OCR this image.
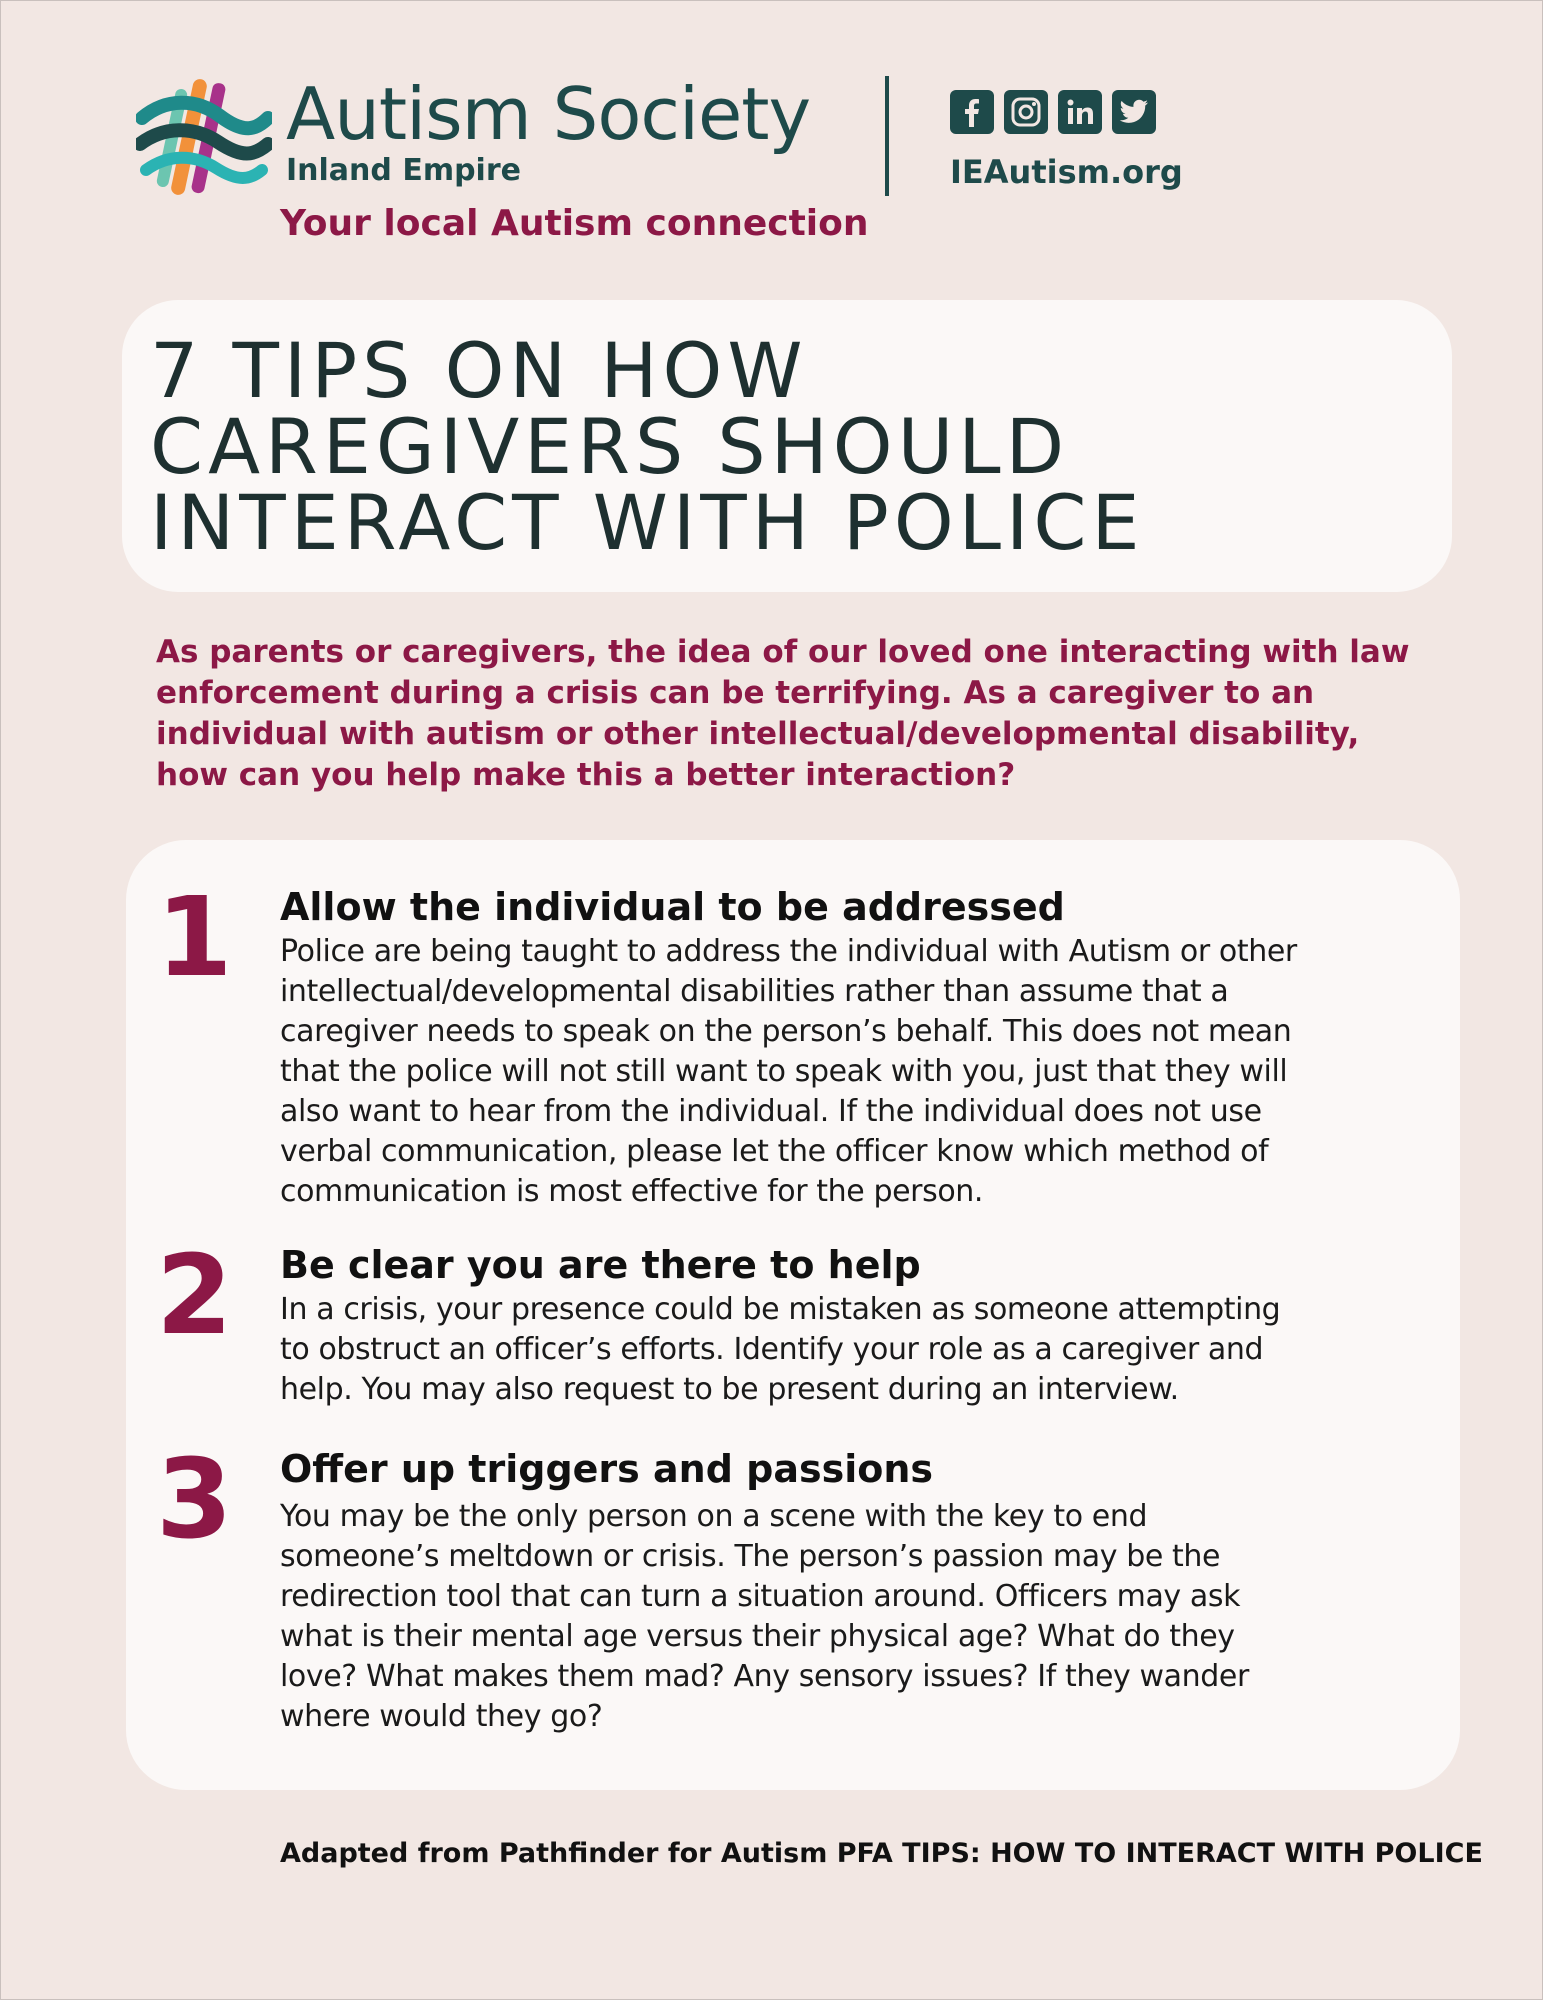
Autism Society
Inland Empire
Your local Autism connection
IEAutism.org
7 TIPS ON HOW
CAREGIVERS SHOULD
INTERACT WITH POLICE

As parents or caregivers, the idea of our loved one interacting with law enforcement during a crisis can be terrifying. As a caregiver to an individual with autism or other intellectual/developmental disability, how can you help make this a better interaction?

1 Allow the individual to be addressed

Police are being taught to address the individual with Autism or other
intellectual/developmental disabilities rather than assume that a
caregiver needs to speak on the person’s behalf. This does not mean
that the police will not still want to speak with you, just that they will
also want to hear from the individual. If the individual does not use
verbal communication, please let the officer know which method of
communication is most effective for the person.

2 Be clear you are there to help

In a crisis, your presence could be mistaken as someone attempting
to obstruct an officer’s efforts. Identify your role as a caregiver and
help. You may also request to be present during an interview.

3 Offer up triggers and passions

You may be the only person on a scene with the key to end
someone’s meltdown or crisis. The person’s passion may be the
redirection tool that can turn a situation around. Officers may ask
what is their mental age versus their physical age? What do they
love? What makes them mad? Any sensory issues? If they wander
where would they go?

Adapted from Pathfinder for Autism PFA TIPS: HOW TO INTERACT WITH POLICE
